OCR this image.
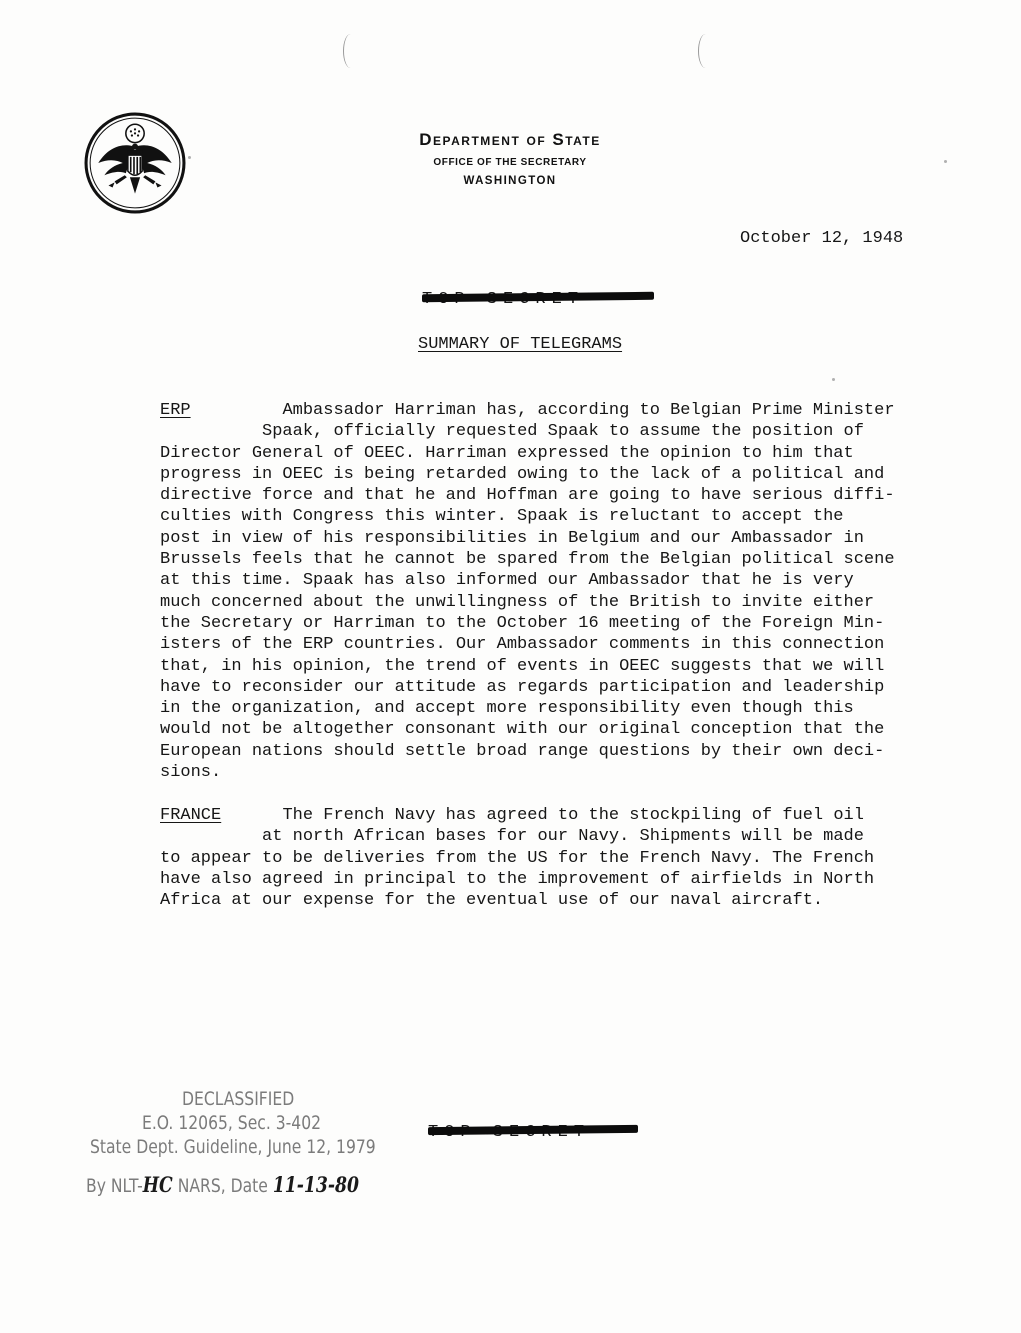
Department of State
OFFICE OF THE SECRETARY
WASHINGTON
October 12, 1948
SUMMARY OF TELEGRAMS
ERP	Ambassador Harriman has, according to Belgian Prime Minister
Spaak, officially requested Spaak to assume the position of
Director General of OEEC. Harriman expressed the opinion to him that
progress in OEEC is being retarded owing to the lack of a political and
directive force and that he and Hoffman are going to have serious diffi-
culties with Congress this winter. Spaak is reluctant to accept the
post in view of his responsibilities in Belgium and our Ambassador in
Brussels feels that he cannot be spared from the Belgian political scene
at this time. Spaak has also informed our Ambassador that he is very
much concerned about the unwillingness of the British to invite either
the Secretary or Harriman to the October 16 meeting of the Foreign Min-
isters of the ERP countries. Our Ambassador comments in this connection
that, in his opinion, the trend of events in OEEC suggests that we will
have to reconsider our attitude as regards participation and leadership
in the organization, and accept more responsibility even though this
would not be altogether consonant with our original conception that the
European nations should settle broad range questions by their own deci-
sions.
FRANCE	The French Navy has agreed to the stockpiling of fuel oil
at north African bases for our Navy. Shipments will be made
to appear to be deliveries from the US for the French Navy. The French
have also agreed in principal to the improvement of airfields in North
Africa at our expense for the eventual use of our naval aircraft.
DECLASSIFIED
E.O. 12065, Sec. 3-402
State Dept. Guideline, June 12, 1979
By NLT-HC NARS, Date 11-13-80
